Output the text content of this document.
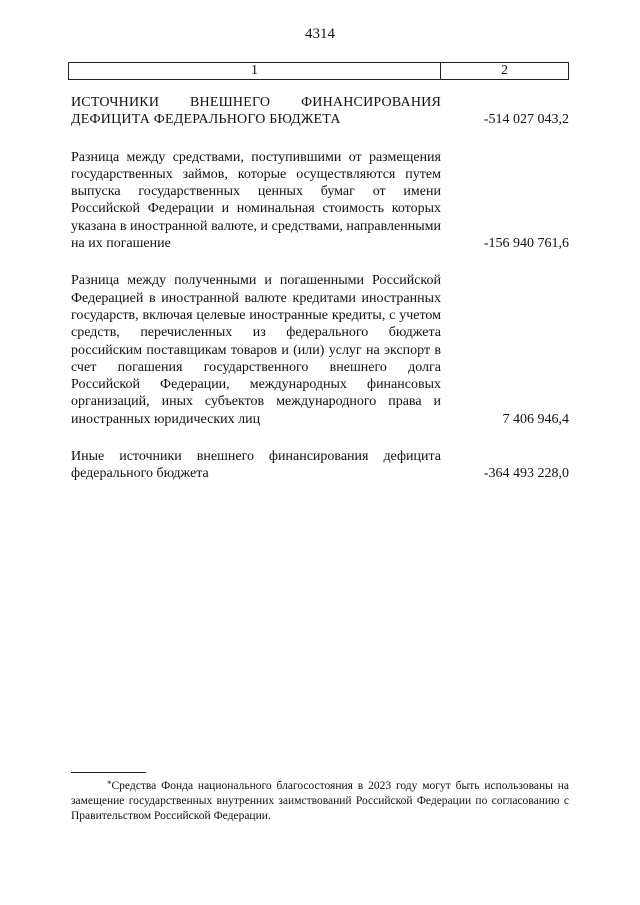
4314
1	2
ИСТОЧНИКИ ВНЕШНЕГО ФИНАНСИРОВАНИЯ ДЕФИЦИТА ФЕДЕРАЛЬНОГО БЮДЖЕТА	-514 027 043,2
Разница между средствами, поступившими от размещения государственных займов, которые осуществляются путем выпуска государственных ценных бумаг от имени Российской Федерации и номинальная стоимость которых указана в иностранной валюте, и средствами, направленными на их погашение	-156 940 761,6
Разница между полученными и погашенными Российской Федерацией в иностранной валюте кредитами иностранных государств, включая целевые иностранные кредиты, с учетом средств, перечисленных из федерального бюджета российским поставщикам товаров и (или) услуг на экспорт в счет погашения государственного внешнего долга Российской Федерации, международных финансовых организаций, иных субъектов международного права и иностранных юридических лиц	7 406 946,4
Иные источники внешнего финансирования дефицита федерального бюджета	-364 493 228,0
*Средства Фонда национального благосостояния в 2023 году могут быть использованы на замещение государственных внутренних заимствований Российской Федерации по согласованию с Правительством Российской Федерации.
